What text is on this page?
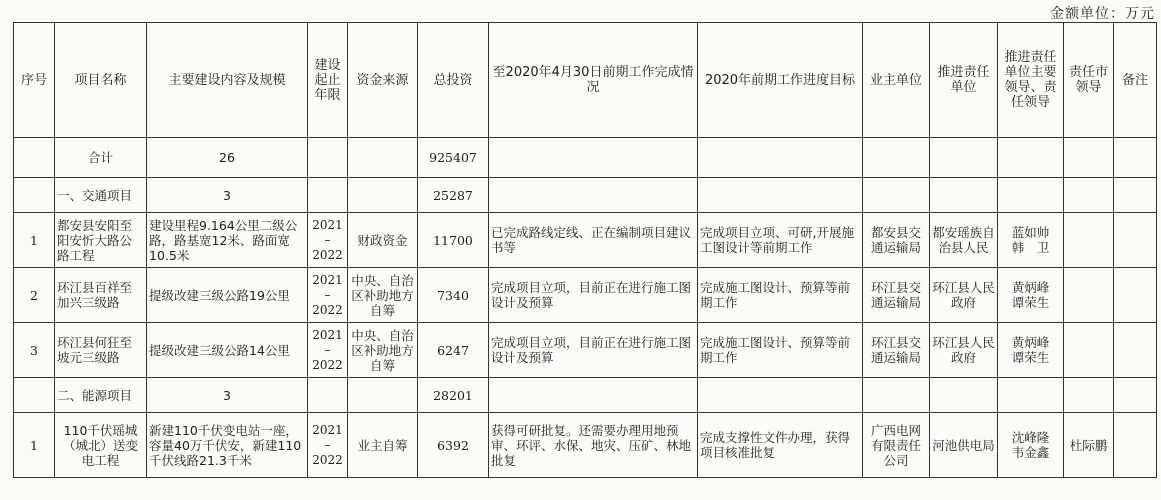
金额单位：万元
序号	项目名称	主要建设内容及规模	建设起止年限	资金来源	总投资	至2020年4月30日前期工作完成情况	2020年前期工作进度目标	业主单位	推进责任单位	推进责任单位主要领导、责任领导	责任市领导	备注
	合计	26			925407							
	一、交通项目	3			25287							
1	都安县安阳至阳安忻大路公路工程	建设里程9.164公里二级公路，路基宽12米、路面宽10.5米	2021
–
2022	财政资金	11700	已完成路线定线、正在编制项目建议书等	完成项目立项、可研,开展施工图设计等前期工作	都安县交通运输局	都安瑶族自治县人民	蓝如帅
韩　卫		

2	环江县百祥至加兴三级路	提级改建三级公路19公里	2021
–
2022	中央、自治区补助地方自筹	7340	完成项目立项，目前正在进行施工图设计及预算	完成施工图设计、预算等前期工作	环江县交通运输局	环江县人民政府	黄炳峰
谭荣生		

3	环江县何狂至坡元三级路	提级改建三级公路14公里	2021
–
2022	中央、自治区补助地方自筹	6247	完成项目立项，目前正在进行施工图设计及预算	完成施工图设计、预算等前期工作	环江县交通运输局	环江县人民政府	黄炳峰
谭荣生		

	二、能源项目	3			28201							
1	110千伏瑶城（城北）送变电工程	新建110千伏变电站一座，容量40万千伏安，新建110千伏线路21.3千米	2021
–
2022	业主自筹	6392	获得可研批复。还需要办理用地预审、环评、水保、地灾、压矿、林地批复	完成支撑性文件办理，获得项目核准批复	广西电网有限责任公司	河池供电局	沈峰隆
韦金鑫	杜际鹏	
